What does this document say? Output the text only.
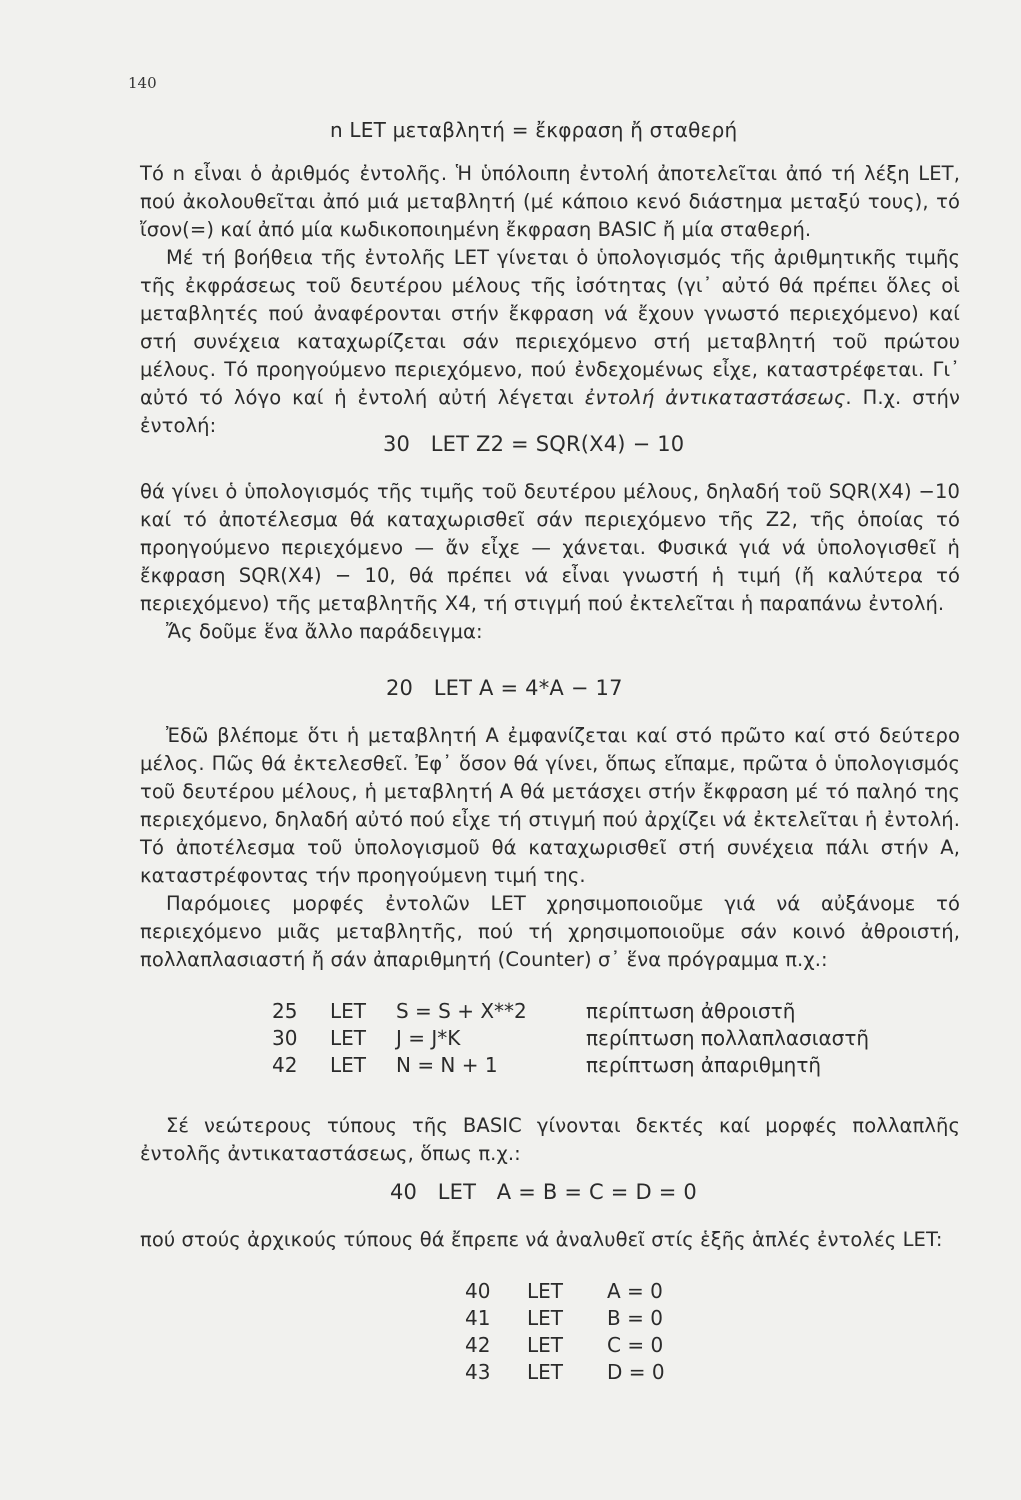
140
n LET μεταβλητή = ἔκφραση ἤ σταθερή

Τό n εἶναι ὁ ἀριθμός ἐντολῆς. Ἡ ὑπόλοιπη ἐντολή ἀποτελεῖται ἀπό τή λέξη LET, πού ἀκολουθεῖται ἀπό μιά μεταβλητή (μέ κάποιο κενό διάστημα μεταξύ τους), τό ἴσον(=) καί ἀπό μία κωδικοποιημένη ἔκφραση BASIC ἤ μία σταθερή.

Μέ τή βοήθεια τῆς ἐντολῆς LET γίνεται ὁ ὑπολογισμός τῆς ἀριθμητικῆς τιμῆς τῆς ἐκφράσεως τοῦ δευτέρου μέλους τῆς ἰσότητας (γι᾽ αὐτό θά πρέπει ὅλες οἱ μεταβλητές πού ἀναφέρονται στήν ἔκφραση νά ἔχουν γνωστό περιεχόμενο) καί στή συνέχεια καταχωρίζεται σάν περιεχόμενο στή μεταβλητή τοῦ πρώτου μέλους. Τό προηγούμενο περιεχόμενο, πού ἐνδεχομένως εἶχε, καταστρέφεται. Γι᾽ αὐτό τό λόγο καί ἡ ἐντολή αὐτή λέγεται ἐντολή ἀντικαταστάσεως. Π.χ. στήν ἐντολή:

30   LET Z2 = SQR(X4) − 10

θά γίνει ὁ ὑπολογισμός τῆς τιμῆς τοῦ δευτέρου μέλους, δηλαδή τοῦ SQR(X4) −10 καί τό ἀποτέλεσμα θά καταχωρισθεῖ σάν περιεχόμενο τῆς Z2, τῆς ὁποίας τό προηγούμενο περιεχόμενο — ἄν εἶχε — χάνεται. Φυσικά γιά νά ὑπολογισθεῖ ἡ ἔκφραση SQR(X4) − 10, θά πρέπει νά εἶναι γνωστή ἡ τιμή (ἤ καλύτερα τό περιεχόμενο) τῆς μεταβλητῆς X4, τή στιγμή πού ἐκτελεῖται ἡ παραπάνω ἐντολή.

Ἄς δοῦμε ἕνα ἄλλο παράδειγμα:

20   LET A = 4*A − 17

Ἐδῶ βλέπομε ὅτι ἡ μεταβλητή A ἐμφανίζεται καί στό πρῶτο καί στό δεύτερο μέλος. Πῶς θά ἐκτελεσθεῖ. Ἐφ᾽ ὅσον θά γίνει, ὅπως εἴπαμε, πρῶτα ὁ ὑπολογισμός τοῦ δευτέρου μέλους, ἡ μεταβλητή A θά μετάσχει στήν ἔκφραση μέ τό παληό της περιεχόμενο, δηλαδή αὐτό πού εἶχε τή στιγμή πού ἀρχίζει νά ἐκτελεῖται ἡ ἐντολή. Τό ἀποτέλεσμα τοῦ ὑπολογισμοῦ θά καταχωρισθεῖ στή συνέχεια πάλι στήν A, καταστρέφοντας τήν προηγούμενη τιμή της.

Παρόμοιες μορφές ἐντολῶν LET χρησιμοποιοῦμε γιά νά αὐξάνομε τό περιεχόμενο μιᾶς μεταβλητῆς, πού τή χρησιμοποιοῦμε σάν κοινό ἀθροιστή, πολλαπλασιαστή ἤ σάν ἀπαριθμητή (Counter) σ᾽ ἕνα πρόγραμμα π.χ.:

25	LET	S = S + X**2	περίπτωση ἀθροιστῆ
30	LET	J = J*K	περίπτωση πολλαπλασιαστῆ
42	LET	N = N + 1	περίπτωση ἀπαριθμητῆ

Σέ νεώτερους τύπους τῆς BASIC γίνονται δεκτές καί μορφές πολλαπλῆς ἐντολῆς ἀντικαταστάσεως, ὅπως π.χ.:

40   LET   A = B = C = D = 0

πού στούς ἀρχικούς τύπους θά ἔπρεπε νά ἀναλυθεῖ στίς ἑξῆς ἁπλές ἐντολές LET:

40	LET	A = 0
41	LET	B = 0
42	LET	C = 0
43	LET	D = 0
